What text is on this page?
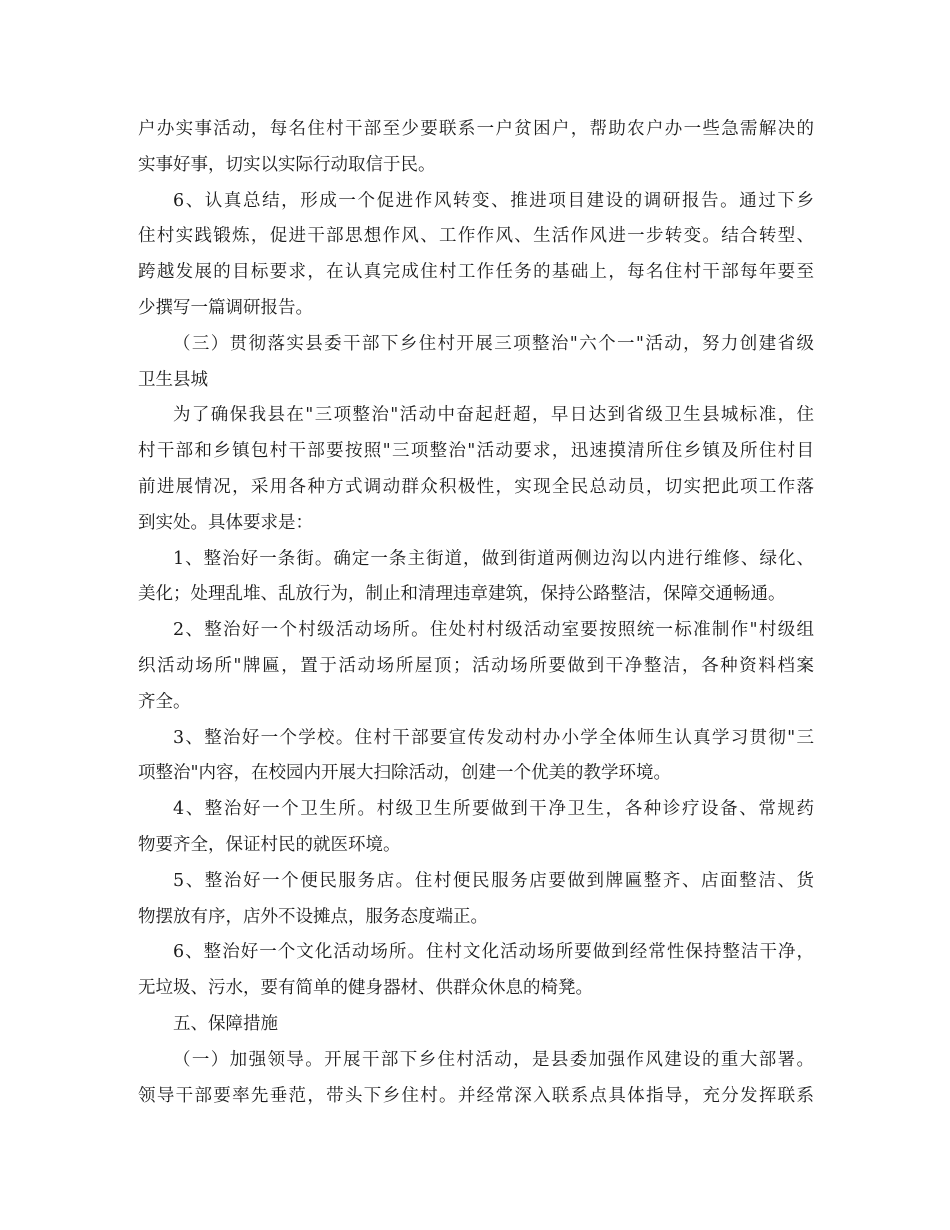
户办实事活动，每名住村干部至少要联系一户贫困户，帮助农户办一些急需解决的
实事好事，切实以实际行动取信于民。
6、认真总结，形成一个促进作风转变、推进项目建设的调研报告。通过下乡
住村实践锻炼，促进干部思想作风、工作作风、生活作风进一步转变。结合转型、
跨越发展的目标要求，在认真完成住村工作任务的基础上，每名住村干部每年要至
少撰写一篇调研报告。
（三）贯彻落实县委干部下乡住村开展三项整治"六个一"活动，努力创建省级
卫生县城
为了确保我县在"三项整治"活动中奋起赶超，早日达到省级卫生县城标准，住
村干部和乡镇包村干部要按照"三项整治"活动要求，迅速摸清所住乡镇及所住村目
前进展情况，采用各种方式调动群众积极性，实现全民总动员，切实把此项工作落
到实处。具体要求是：
1、整治好一条街。确定一条主街道，做到街道两侧边沟以内进行维修、绿化、
美化；处理乱堆、乱放行为，制止和清理违章建筑，保持公路整洁，保障交通畅通。
2、整治好一个村级活动场所。住处村村级活动室要按照统一标准制作"村级组
织活动场所"牌匾，置于活动场所屋顶；活动场所要做到干净整洁，各种资料档案
齐全。
3、整治好一个学校。住村干部要宣传发动村办小学全体师生认真学习贯彻"三
项整治"内容，在校园内开展大扫除活动，创建一个优美的教学环境。
4、整治好一个卫生所。村级卫生所要做到干净卫生，各种诊疗设备、常规药
物要齐全，保证村民的就医环境。
5、整治好一个便民服务店。住村便民服务店要做到牌匾整齐、店面整洁、货
物摆放有序，店外不设摊点，服务态度端正。
6、整治好一个文化活动场所。住村文化活动场所要做到经常性保持整洁干净，
无垃圾、污水，要有简单的健身器材、供群众休息的椅凳。
五、保障措施
（一）加强领导。开展干部下乡住村活动，是县委加强作风建设的重大部署。
领导干部要率先垂范，带头下乡住村。并经常深入联系点具体指导，充分发挥联系
